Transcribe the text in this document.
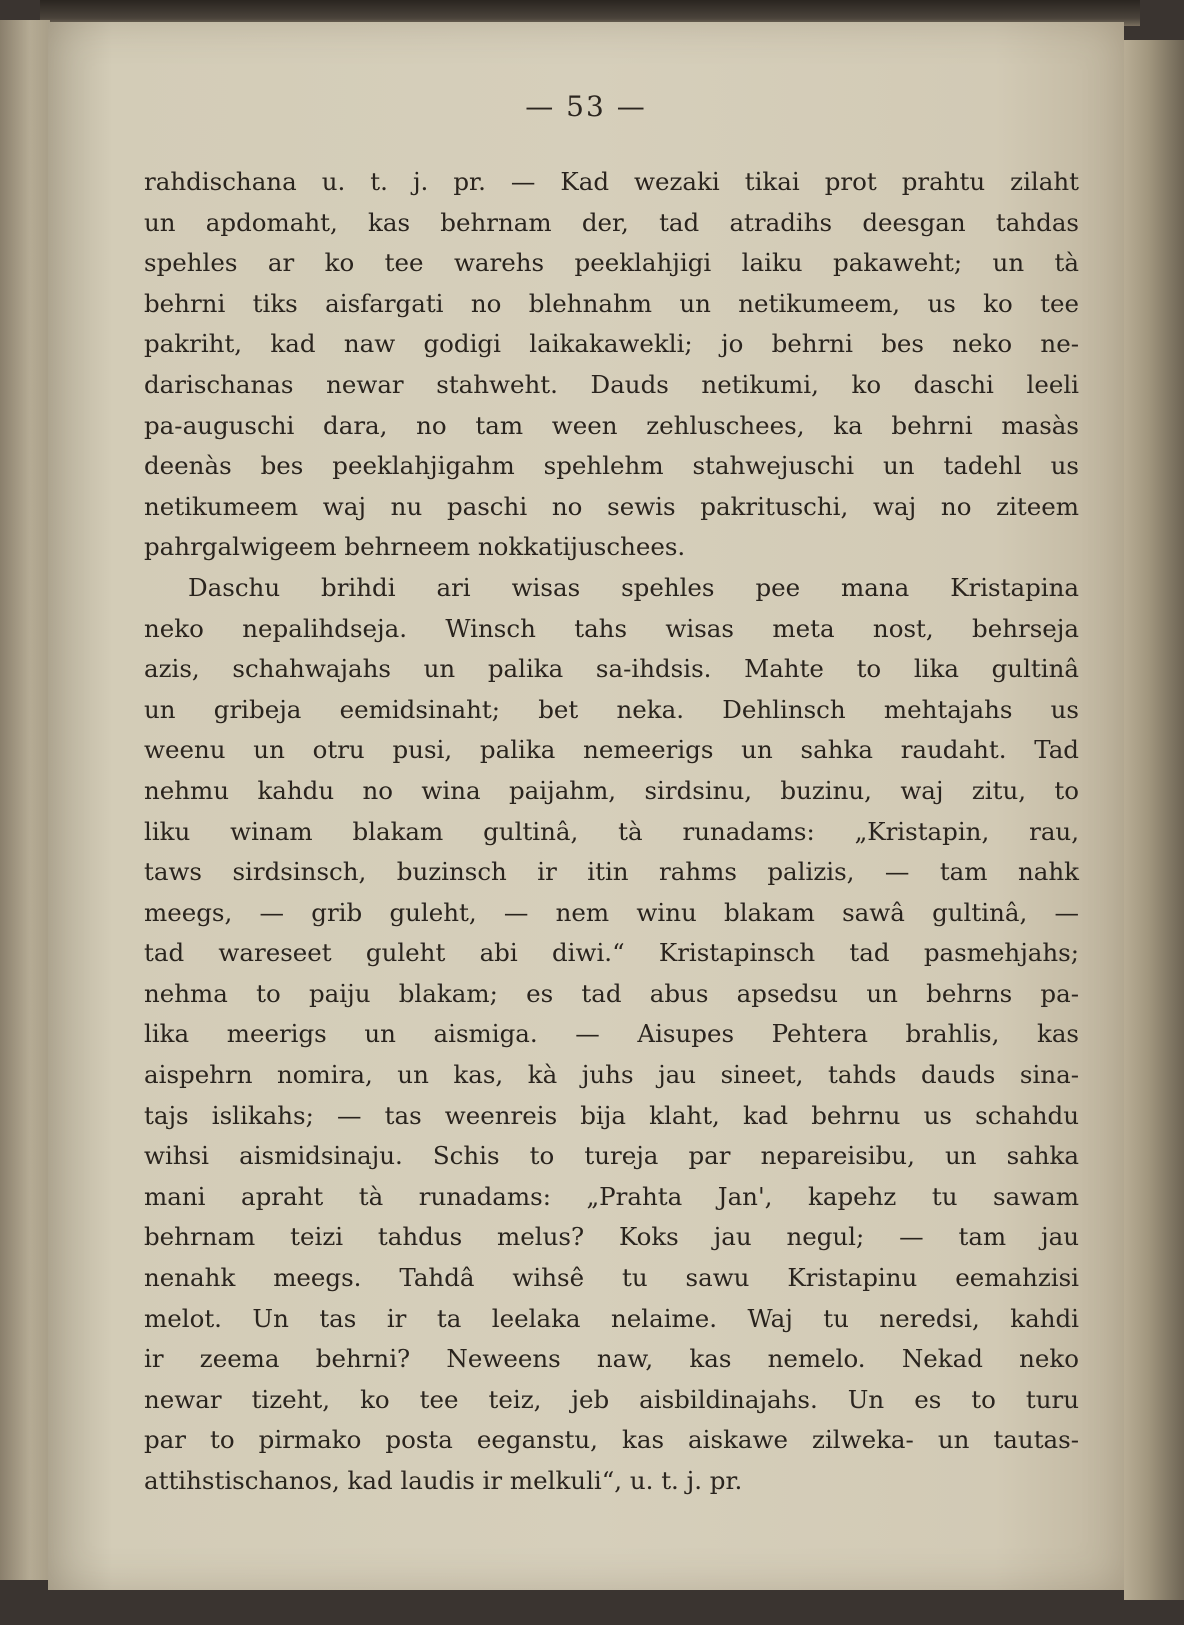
— 53 —
rahdischana u. t. j. pr. — Kad wezaki tikai prot prahtu zilaht
un apdomaht, kas behrnam der, tad atradihs deesgan tahdas
spehles ar ko tee warehs peeklahjigi laiku pakaweht; un tà
behrni tiks aisfargati no blehnahm un netikumeem, us ko tee
pakriht, kad naw godigi laikakawekli; jo behrni bes neko ne-
darischanas newar stahweht. Dauds netikumi, ko daschi leeli
pa-auguschi dara, no tam ween zehluschees, ka behrni masàs
deenàs bes peeklahjigahm spehlehm stahwejuschi un tadehl us
netikumeem waj nu paschi no sewis pakrituschi, waj no ziteem
pahrgalwigeem behrneem nokkatijuschees.
Daschu brihdi ari wisas spehles pee mana Kristapina
neko nepalihdsеja. Winsch tahs wisas meta nost, behrseja
azis, schahwajahs un palika sa-ihdsis. Mahte to lika gultinâ
un gribeja eemidsinaht; bet neka. Dehlinsch mehtajahs us
weenu un otru pusi, palika nemeerigs un sahka raudaht. Tad
nehmu kahdu no wina paijahm, sirdsinu, buzinu, waj zitu, to
liku winam blakam gultinâ, tà runadams: „Kristapin, rau,
taws sirdsinsch, buzinsch ir itin rahms palizis, — tam nahk
meegs, — grib guleht, — nem winu blakam sawâ gultinâ, —
tad waresеet guleht abi diwi.“ Kristapinsch tad pasmehjahs;
nehma to paiju blakam; es tad abus apsedsu un behrns pa-
lika meerigs un aismiga. — Aisupes Pehtera brahlis, kas
aispehrn nomira, un kas, kà juhs jau sineet, tahds dauds sina-
tajs islikahs; — tas weenreis bija klaht, kad behrnu us schahdu
wihsi aismidsinaju. Schis to tureja par nepareisibu, un sahka
mani apraht tà runadams: „Prahta Jan', kapehz tu sawam
behrnam teizi tahdus melus? Koks jau negul; — tam jau
nenahk meegs. Tahdâ wihsê tu sawu Kristapinu eemahzisi
melot. Un tas ir ta leelaka nelaime. Waj tu neredsi, kahdi
ir zeema behrni? Neweens naw, kas nemelo. Nekad neko
newar tizeht, ko tee teiz, jeb aisbildinajahs. Un es to turu
par to pirmako posta eeganstu, kas aiskawe zilweka- un tautas-
attihstischanos, kad laudis ir melkuli“, u. t. j. pr.
